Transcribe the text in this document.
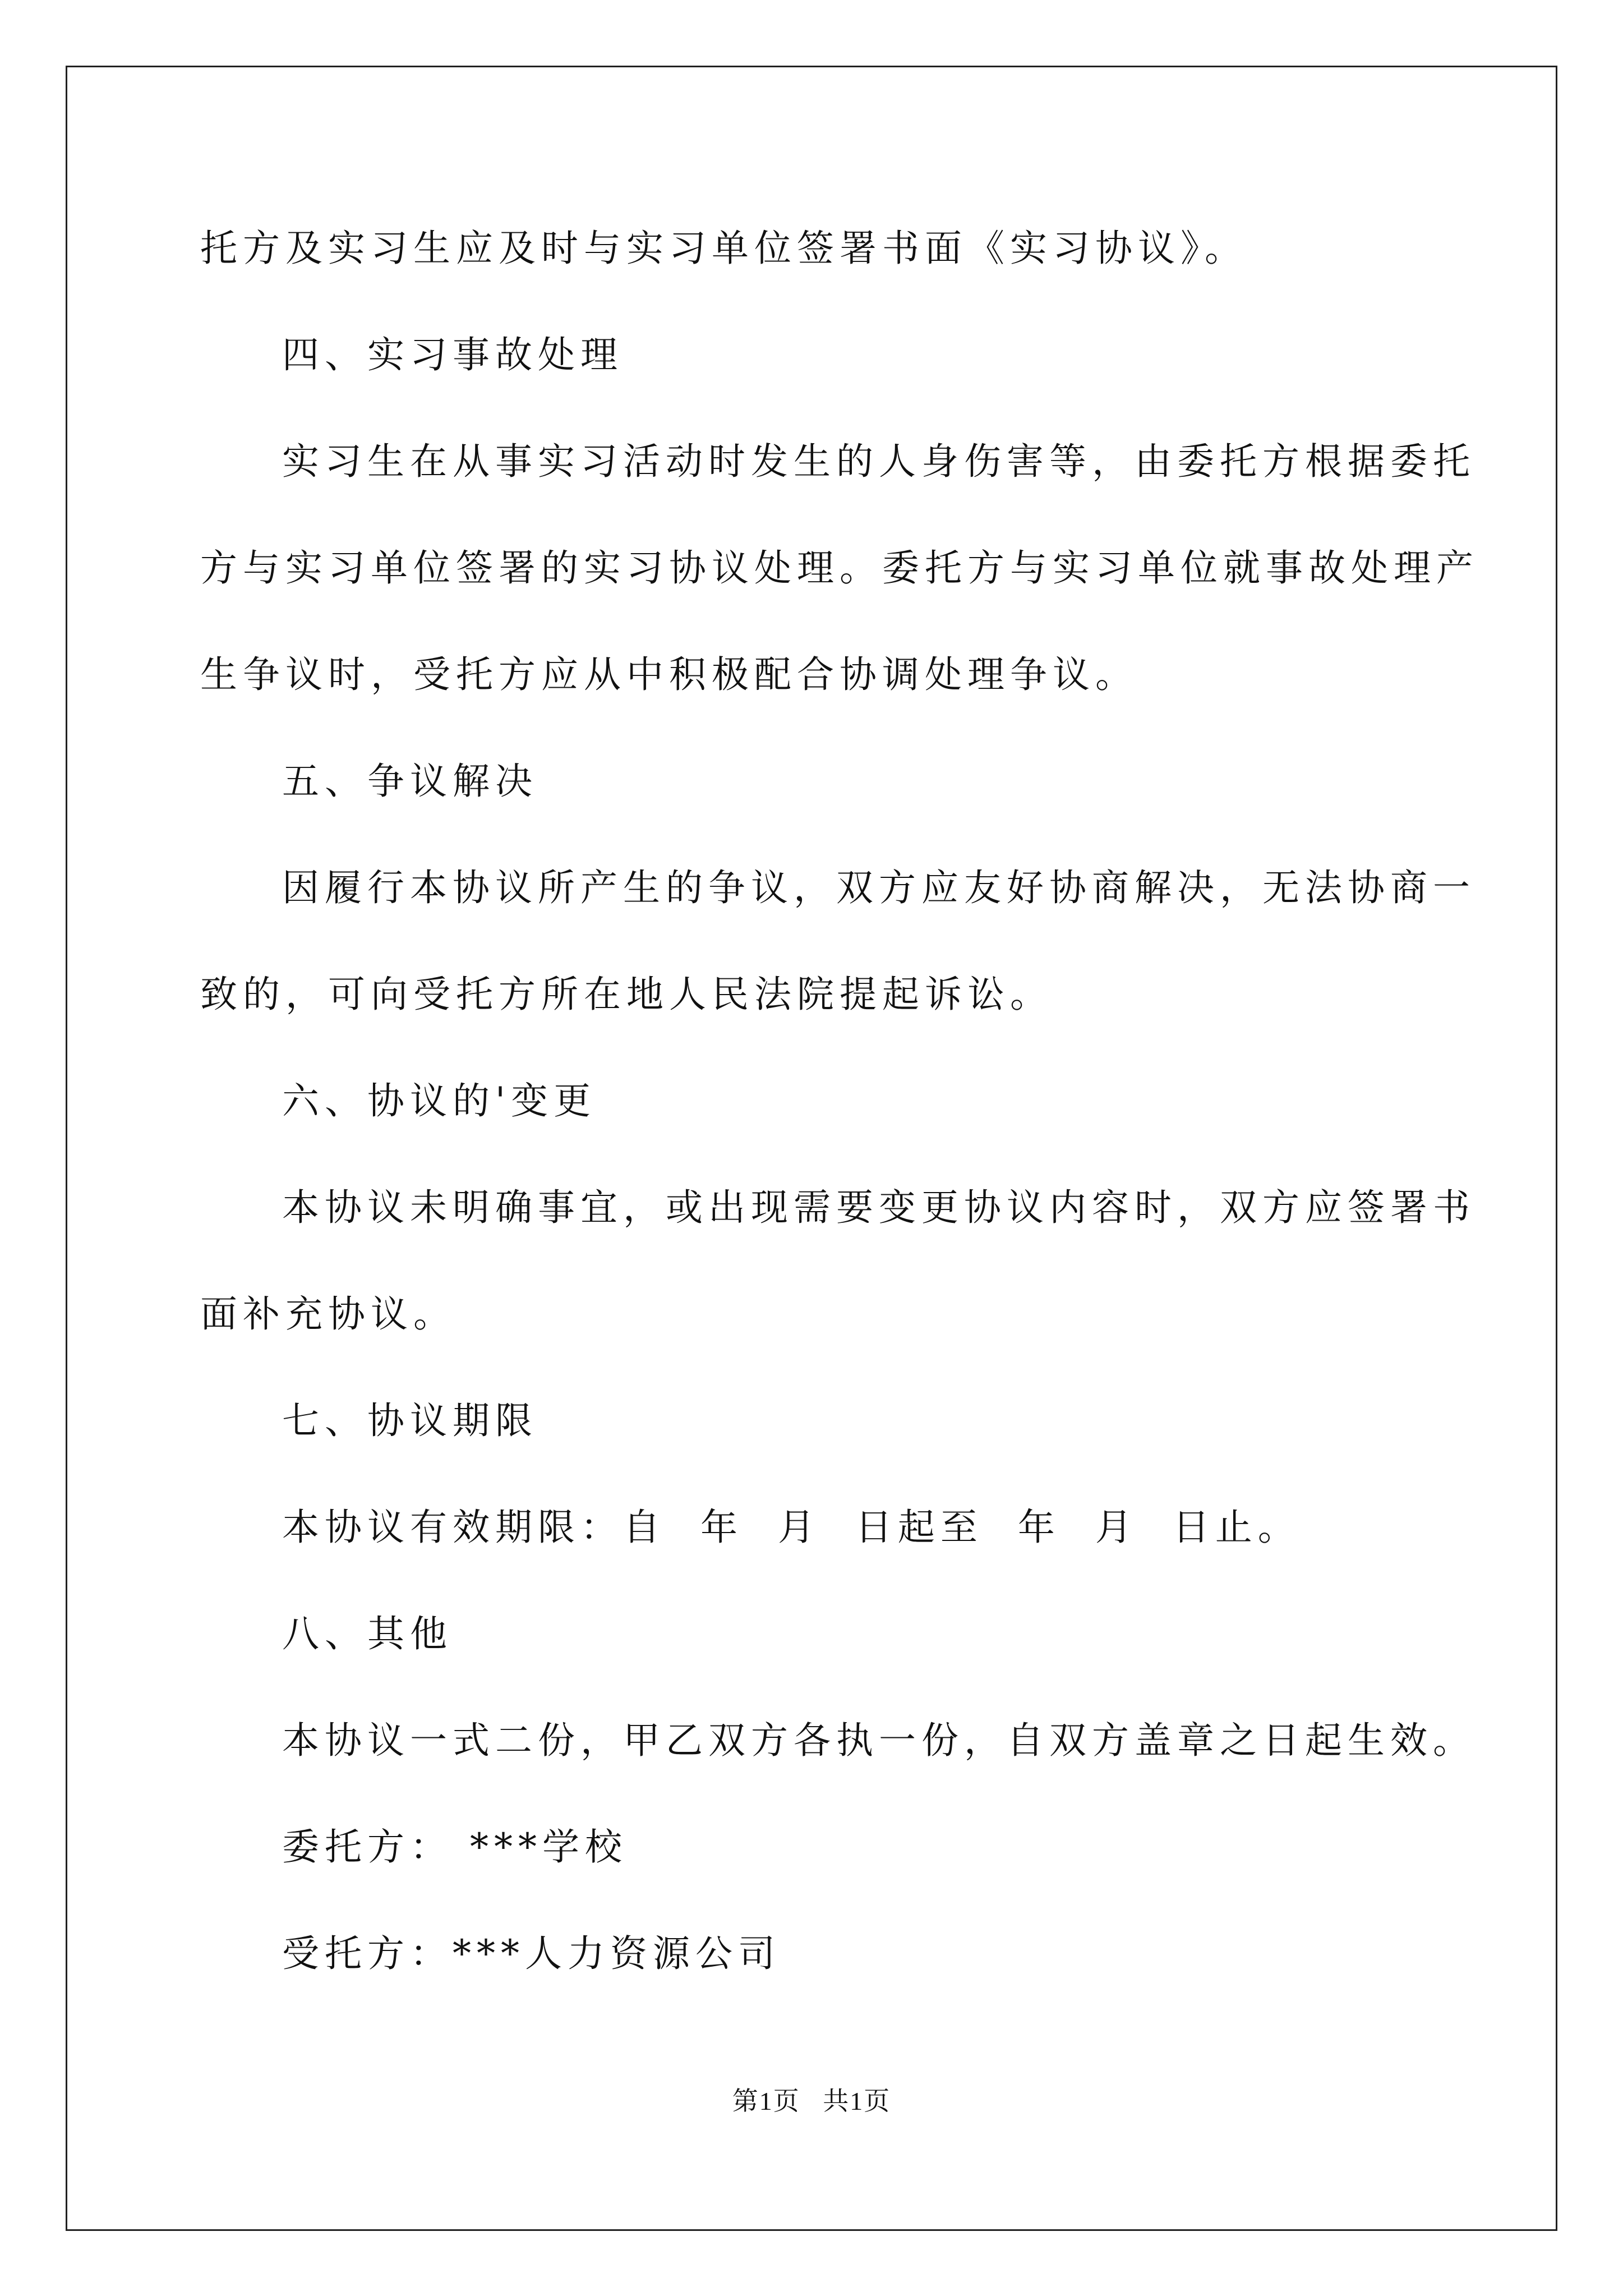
托方及实习生应及时与实习单位签署书面《实习协议》。
四、实习事故处理
实习生在从事实习活动时发生的人身伤害等，由委托方根据委托
方与实习单位签署的实习协议处理。委托方与实习单位就事故处理产
生争议时，受托方应从中积极配合协调处理争议。
五、争议解决
因履行本协议所产生的争议，双方应友好协商解决，无法协商一
致的，可向受托方所在地人民法院提起诉讼。
六、协议的'变更
本协议未明确事宜，或出现需要变更协议内容时，双方应签署书
面补充协议。
七、协议期限
本协议有效期限：自  年  月  日起至  年  月  日止。
八、其他
本协议一式二份，甲乙双方各执一份，自双方盖章之日起生效。
委托方： ***学校
受托方：***人力资源公司
第1页   共1页
